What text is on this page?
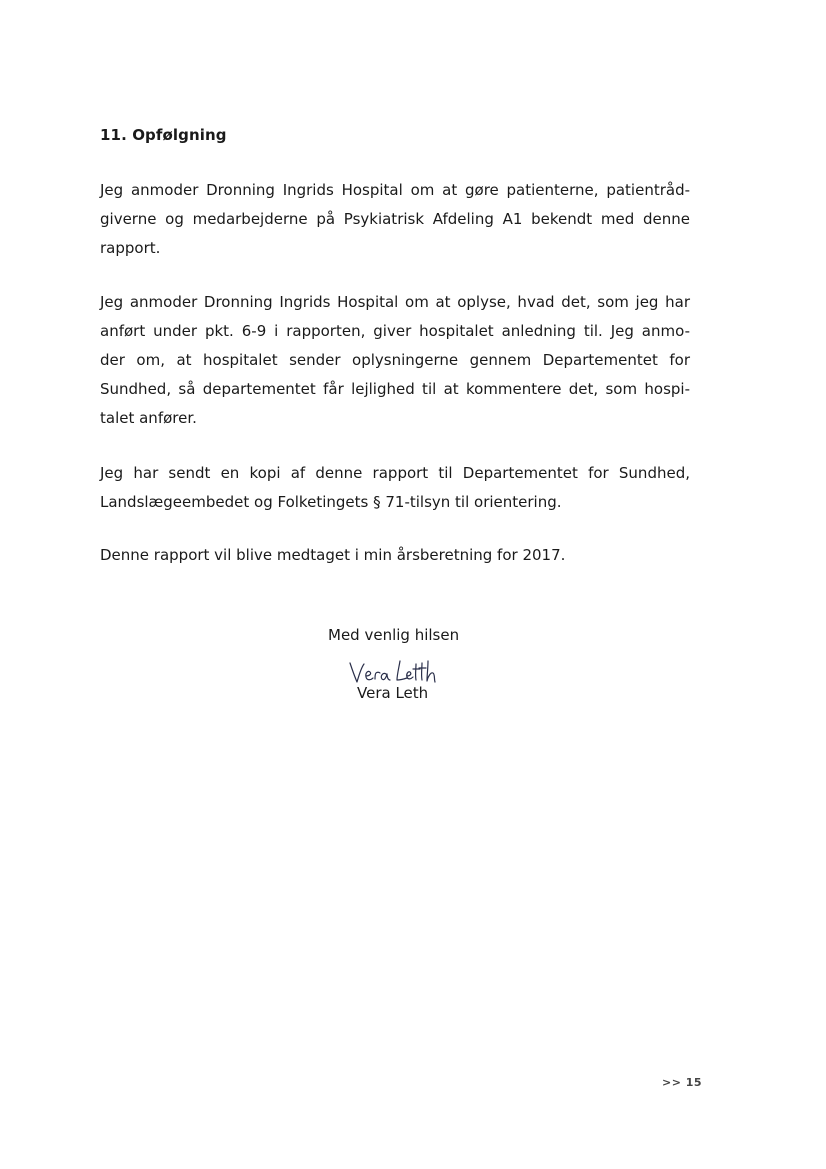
11. Opfølgning

Jeg anmoder Dronning Ingrids Hospital om at gøre patienterne, patientråd-
giverne og medarbejderne på Psykiatrisk Afdeling A1 bekendt med denne
rapport.

Jeg anmoder Dronning Ingrids Hospital om at oplyse, hvad det, som jeg har
anført under pkt. 6-9 i rapporten, giver hospitalet anledning til. Jeg anmo-
der om, at hospitalet sender oplysningerne gennem Departementet for
Sundhed, så departementet får lejlighed til at kommentere det, som hospi-
talet anfører.

Jeg har sendt en kopi af denne rapport til Departementet for Sundhed,
Landslægeembedet og Folketingets § 71-tilsyn til orientering.

Denne rapport vil blive medtaget i min årsberetning for 2017.

Med venlig hilsen

Vera Leth

>> 15
